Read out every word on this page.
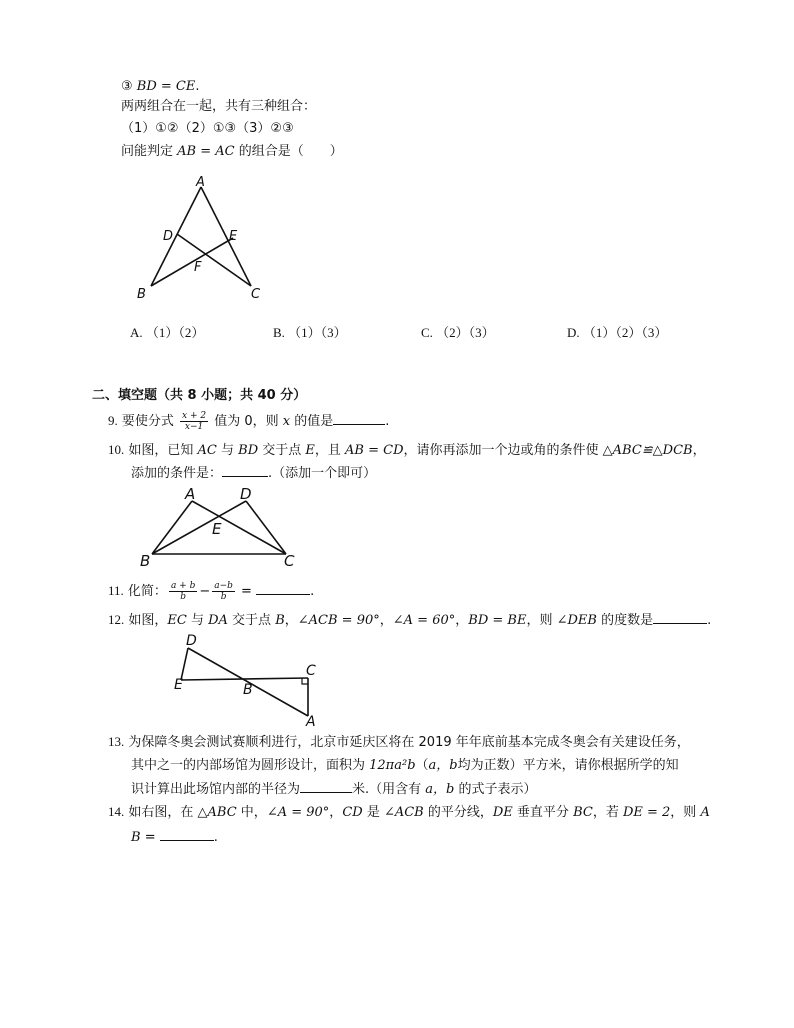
③ BD = CE.
两两组合在一起，共有三种组合：
（1）①②（2）①③（3）②③
问能判定 AB = AC 的组合是（　　）
A
D	E
F
B	C
A. （1）（2）	B. （1）（3）	C. （2）（3）	D. （1）（2）（3）
二、填空题（共 8 小题；共 40 分）
9. 要使分式 $\frac{x + 2}{x-1}$ 值为 0，则 x 的值是	.
10. 如图，已知 AC 与 BD 交于点 E，且 AB = CD，请你再添加一个边或角的条件使 △ABC≌△DCB，
添加的条件是：	.（添加一个即可）
A	D
E
B	C
11. 化简： $\frac{a + b}{b} - \frac{a-b}{b}$ =	.
12. 如图，EC 与 DA 交于点 B，∠ACB = 90°，∠A = 60°，BD = BE，则 ∠DEB 的度数是	.
D
C
E	B
A
13. 为保障冬奥会测试赛顺利进行，北京市延庆区将在 2019 年年底前基本完成冬奥会有关建设任务，
其中之一的内部场馆为圆形设计，面积为 12πa²b（a，b均为正数）平方米，请你根据所学的知
识计算出此场馆内部的半径为	米.（用含有 a，b 的式子表示）
14. 如右图，在 △ABC 中，∠A = 90°，CD 是 ∠ACB 的平分线，DE 垂直平分 BC，若 DE = 2，则 A
B =	.
